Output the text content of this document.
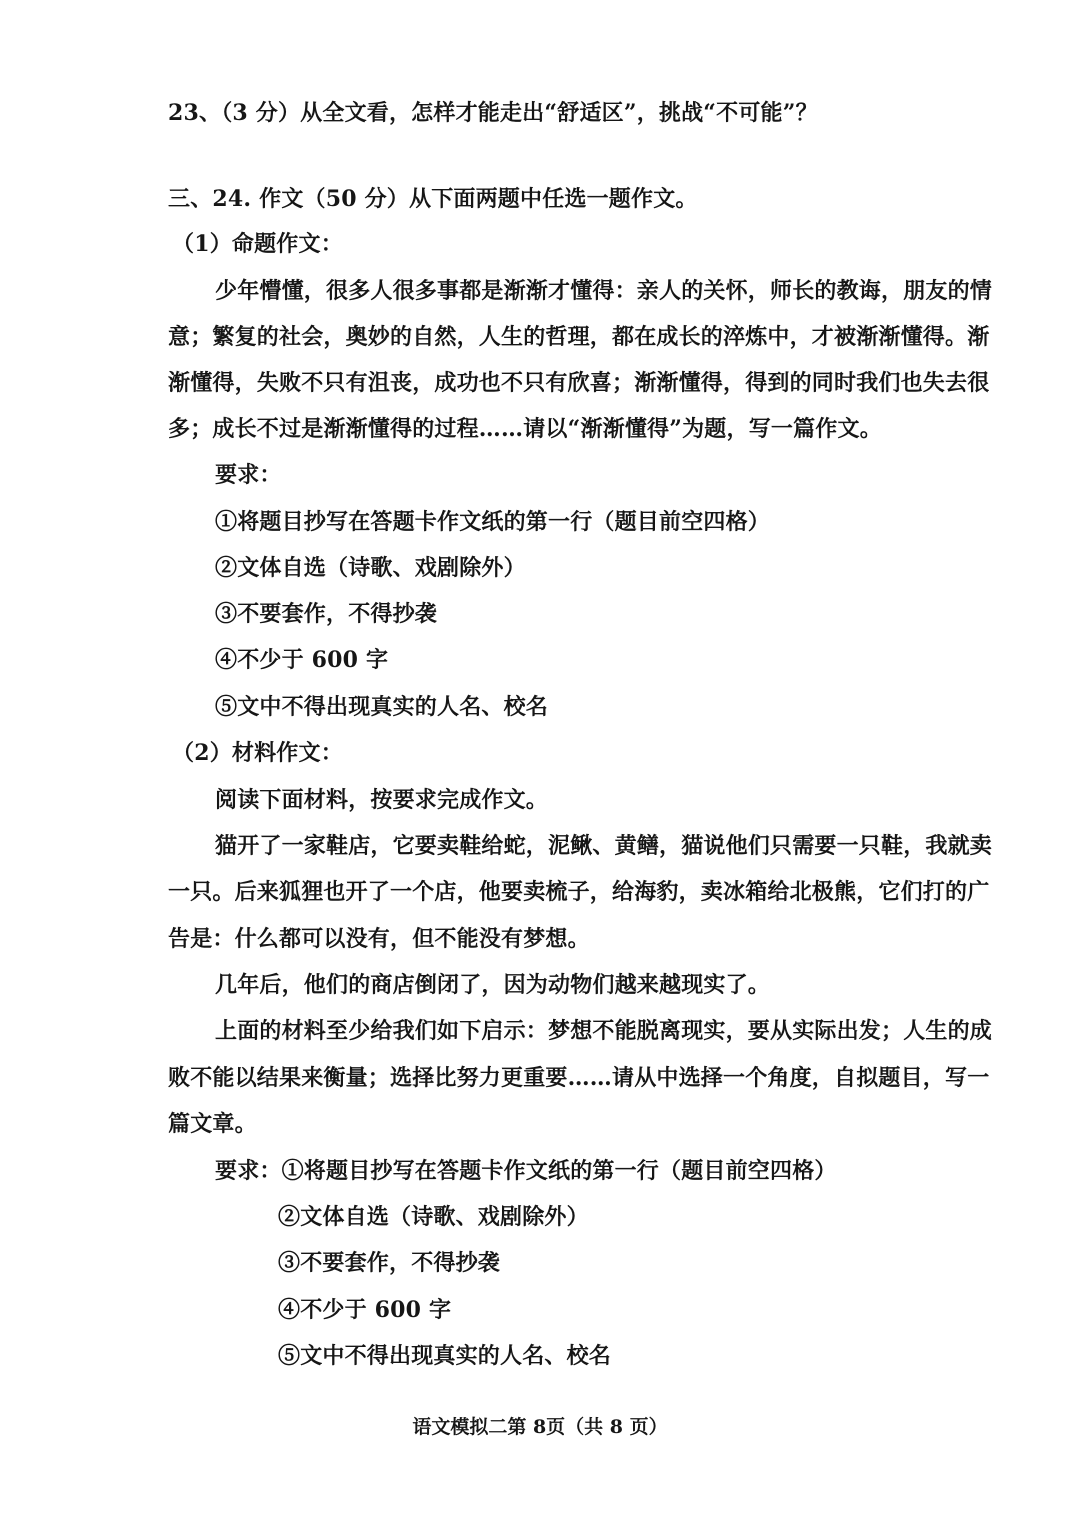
23、（3 分）从全文看，怎样才能走出“舒适区”，挑战“不可能”？
三、24. 作文（50 分）从下面两题中任选一题作文。
（1）命题作文：
少年懵懂，很多人很多事都是渐渐才懂得：亲人的关怀，师长的教诲，朋友的情
意；繁复的社会，奥妙的自然，人生的哲理，都在成长的淬炼中，才被渐渐懂得。渐
渐懂得，失败不只有沮丧，成功也不只有欣喜；渐渐懂得，得到的同时我们也失去很
多；成长不过是渐渐懂得的过程……请以“渐渐懂得”为题，写一篇作文。
要求：
①将题目抄写在答题卡作文纸的第一行（题目前空四格）
②文体自选（诗歌、戏剧除外）
③不要套作，不得抄袭
④不少于 600 字
⑤文中不得出现真实的人名、校名
（2）材料作文：
阅读下面材料，按要求完成作文。
猫开了一家鞋店，它要卖鞋给蛇，泥鳅、黄鳝，猫说他们只需要一只鞋，我就卖
一只。后来狐狸也开了一个店，他要卖梳子，给海豹，卖冰箱给北极熊，它们打的广
告是：什么都可以没有，但不能没有梦想。
几年后，他们的商店倒闭了，因为动物们越来越现实了。
上面的材料至少给我们如下启示：梦想不能脱离现实，要从实际出发；人生的成
败不能以结果来衡量；选择比努力更重要……请从中选择一个角度，自拟题目，写一
篇文章。
要求：①将题目抄写在答题卡作文纸的第一行（题目前空四格）
②文体自选（诗歌、戏剧除外）
③不要套作，不得抄袭
④不少于 600 字
⑤文中不得出现真实的人名、校名
语文模拟二第 8页（共 8 页）
